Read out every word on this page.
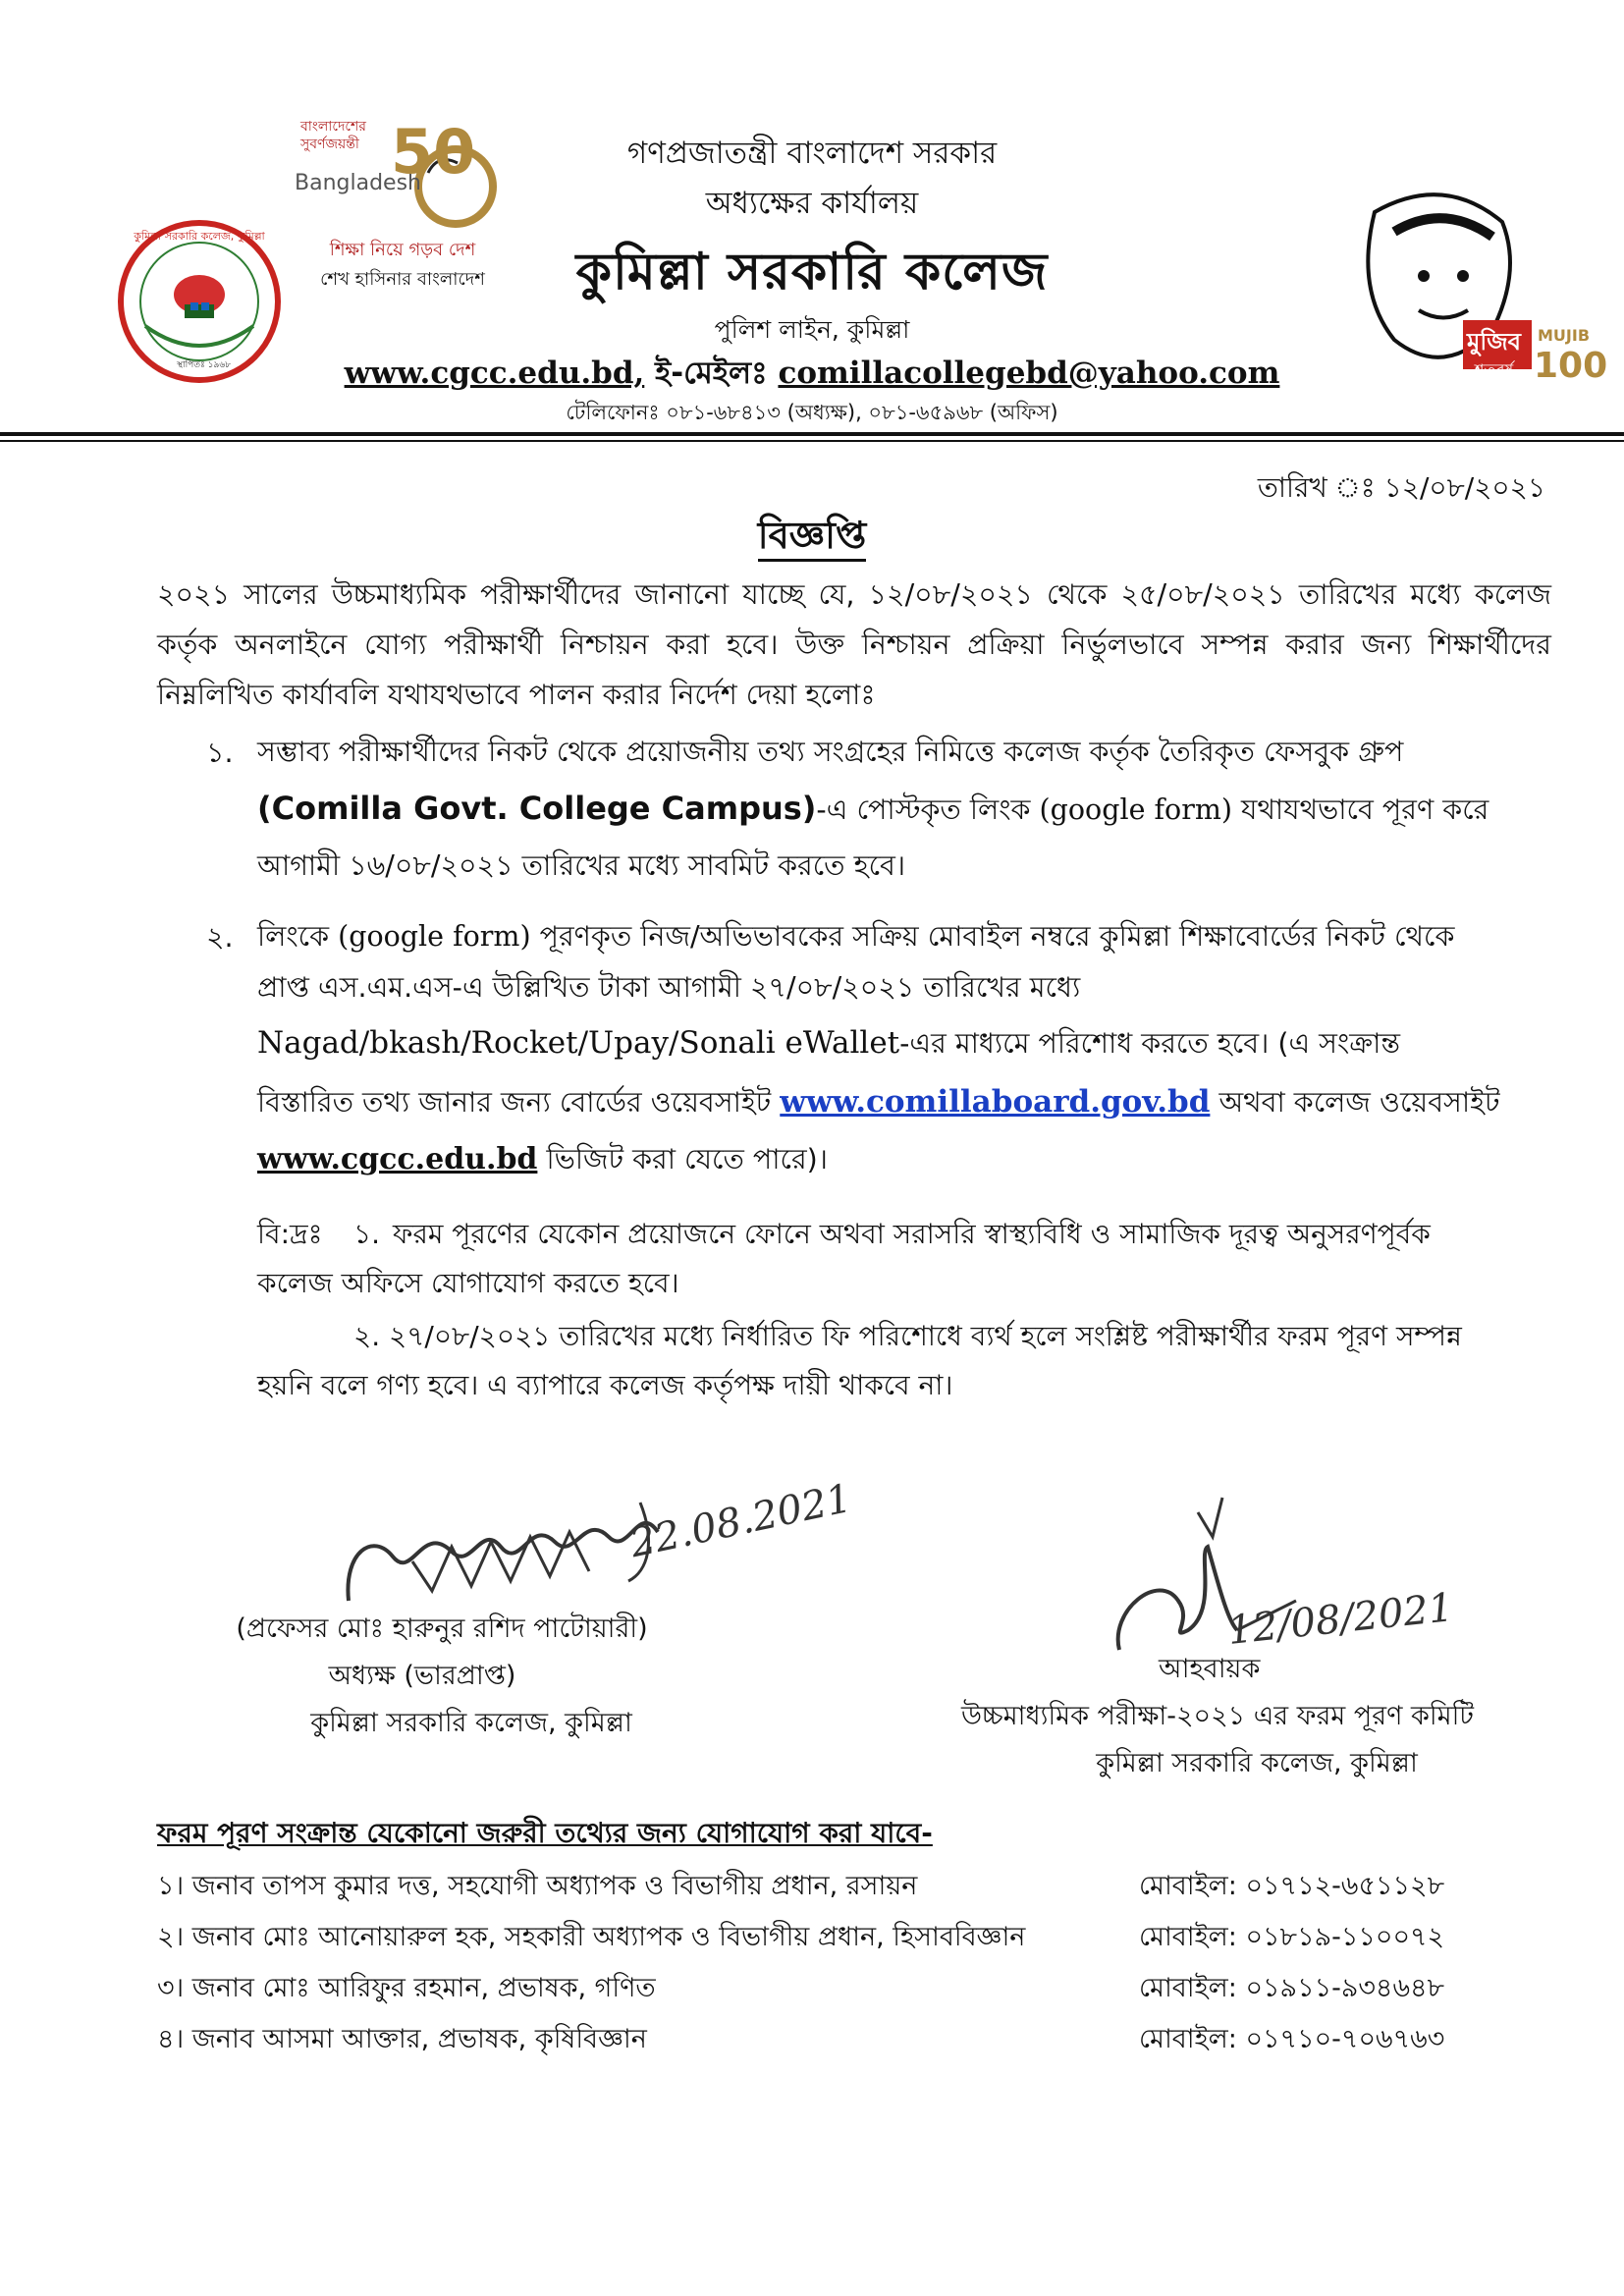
কুমিল্লা সরকারি কলেজ, কুমিল্লা
স্থাপিতঃ ১৯৬৮
বাংলাদেশের সুবর্ণজয়ন্তী
Bangladesh
50
শিক্ষা নিয়ে গড়ব দেশ
শেখ হাসিনার বাংলাদেশ
মুজিব
শতবর্ষ
MUJIB
100
গণপ্রজাতন্ত্রী বাংলাদেশ সরকার
অধ্যক্ষের কার্যালয়
কুমিল্লা সরকারি কলেজ
পুলিশ লাইন, কুমিল্লা
www.cgcc.edu.bd, ই-মেইলঃ comillacollegebd@yahoo.com
টেলিফোনঃ ০৮১-৬৮৪১৩ (অধ্যক্ষ), ০৮১-৬৫৯৬৮ (অফিস)
তারিখ ঃ ১২/০৮/২০২১
বিজ্ঞপ্তি
২০২১ সালের উচ্চমাধ্যমিক পরীক্ষার্থীদের জানানো যাচ্ছে যে, ১২/০৮/২০২১ থেকে ২৫/০৮/২০২১ তারিখের মধ্যে কলেজ কর্তৃক অনলাইনে যোগ্য পরীক্ষার্থী নিশ্চায়ন করা হবে। উক্ত নিশ্চায়ন প্রক্রিয়া নির্ভুলভাবে সম্পন্ন করার জন্য শিক্ষার্থীদের নিম্নলিখিত কার্যাবলি যথাযথভাবে পালন করার নির্দেশ দেয়া হলোঃ
১. সম্ভাব্য পরীক্ষার্থীদের নিকট থেকে প্রয়োজনীয় তথ্য সংগ্রহের নিমিত্তে কলেজ কর্তৃক তৈরিকৃত ফেসবুক গ্রুপ
(Comilla Govt. College Campus)-এ পোস্টকৃত লিংক (google form) যথাযথভাবে পূরণ করে
আগামী ১৬/০৮/২০২১ তারিখের মধ্যে সাবমিট করতে হবে।
২. লিংকে (google form) পূরণকৃত নিজ/অভিভাবকের সক্রিয় মোবাইল নম্বরে কুমিল্লা শিক্ষাবোর্ডের নিকট থেকে
প্রাপ্ত এস.এম.এস-এ উল্লিখিত টাকা আগামী ২৭/০৮/২০২১ তারিখের মধ্যে
Nagad/bkash/Rocket/Upay/Sonali eWallet-এর মাধ্যমে পরিশোধ করতে হবে। (এ সংক্রান্ত
বিস্তারিত তথ্য জানার জন্য বোর্ডের ওয়েবসাইট www.comillaboard.gov.bd অথবা কলেজ ওয়েবসাইট
www.cgcc.edu.bd ভিজিট করা যেতে পারে)।
বি:দ্রঃ ১. ফরম পূরণের যেকোন প্রয়োজনে ফোনে অথবা সরাসরি স্বাস্থ্যবিধি ও সামাজিক দূরত্ব অনুসরণপূর্বক
কলেজ অফিসে যোগাযোগ করতে হবে।
২. ২৭/০৮/২০২১ তারিখের মধ্যে নির্ধারিত ফি পরিশোধে ব্যর্থ হলে সংশ্লিষ্ট পরীক্ষার্থীর ফরম পূরণ সম্পন্ন
হয়নি বলে গণ্য হবে। এ ব্যাপারে কলেজ কর্তৃপক্ষ দায়ী থাকবে না।
22.08.2021
12/08/2021
(প্রফেসর মোঃ হারুনুর রশিদ পাটোয়ারী)
অধ্যক্ষ (ভারপ্রাপ্ত)
কুমিল্লা সরকারি কলেজ, কুমিল্লা
আহবায়ক
উচ্চমাধ্যমিক পরীক্ষা-২০২১ এর ফরম পূরণ কমিটি
কুমিল্লা সরকারি কলেজ, কুমিল্লা
ফরম পূরণ সংক্রান্ত যেকোনো জরুরী তথ্যের জন্য যোগাযোগ করা যাবে-
১। জনাব তাপস কুমার দত্ত, সহযোগী অধ্যাপক ও বিভাগীয় প্রধান, রসায়ন	মোবাইল: ০১৭১২-৬৫১১২৮
২। জনাব মোঃ আনোয়ারুল হক, সহকারী অধ্যাপক ও বিভাগীয় প্রধান, হিসাববিজ্ঞান	মোবাইল: ০১৮১৯-১১০০৭২
৩। জনাব মোঃ আরিফুর রহমান, প্রভাষক, গণিত	মোবাইল: ০১৯১১-৯৩৪৬৪৮
৪। জনাব আসমা আক্তার, প্রভাষক, কৃষিবিজ্ঞান	মোবাইল: ০১৭১০-৭০৬৭৬৩
